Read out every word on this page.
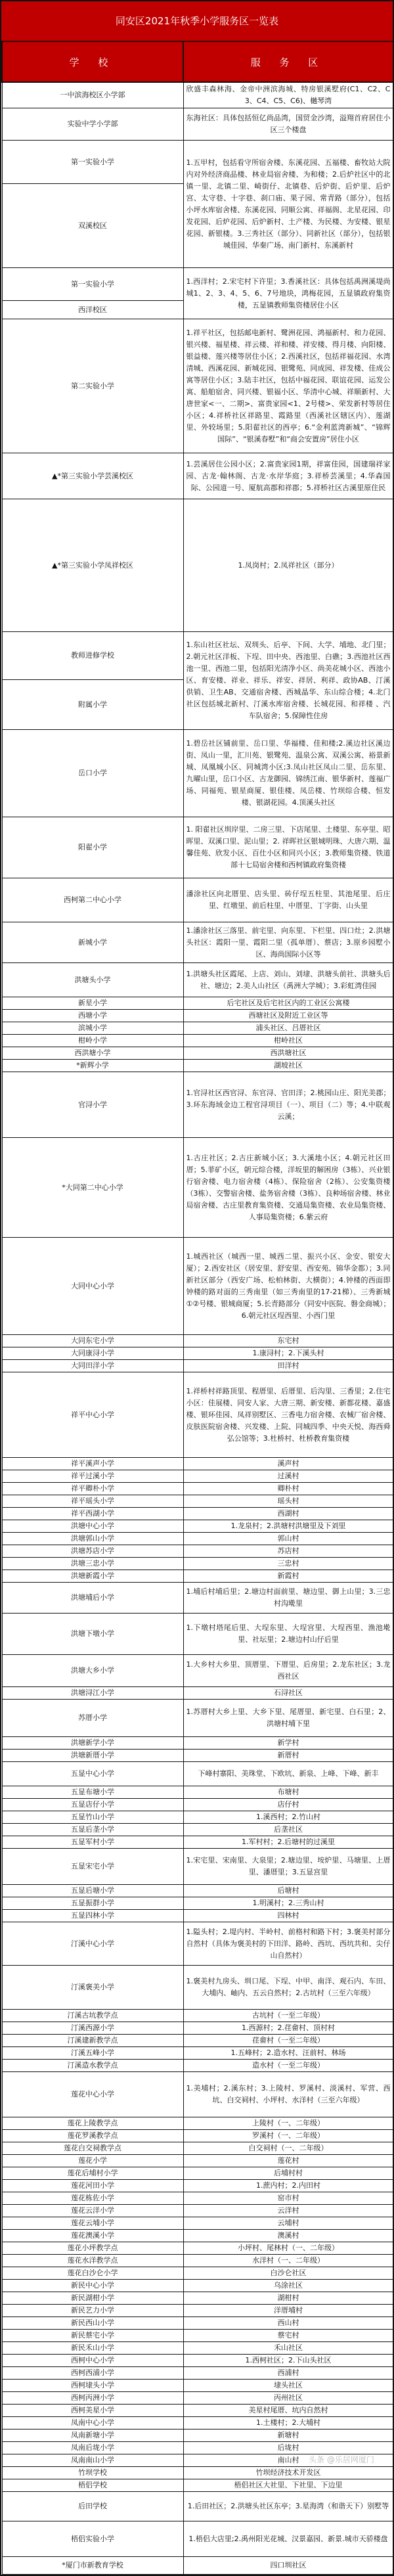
同安区2021年秋季小学服务区一览表
学 校	服 务 区
一中滨海校区小学部	欣盛丰森林海、金帝中洲滨海城、特房银溪墅府(C1、C2、C3、C4、C5、C6)、樾琴湾
实验中学小学部	东海社区：具体包括恒亿尚品湾，国贸金沙湾，溢翔首府居住小区三个楼盘
第一实验小学	1.五甲村，包括看守所宿舍楼、东溪花园、五福楼、畜牧站大院内对外经济商品楼、林业局宿舍楼、为和楼；2.后炉社区中的北镇一里、北镇二里、崎街仔、北镇巷、后炉街、后炉里、后炉宫、太守巷、十字巷、刹口庙、果子园、常青路（部分），包括小坪水库宿舍楼、东溪花园、同顺公寓、祥福阁、北星花园、印发花园、后炉花园、后炉新村、土产楼、为民楼、为安楼、银星花园、新银楼。3.三秀社区（部分）、同新社区（部分），包括银城佳园、华秦广场、南门新村、东溪新村
双溪校区	
第一实验小学	1.西洋村；2.宋宅村下许里；3.香溪社区：具体包括禹洲溪堤尚城1、2、3、4、5、6、7号地块，鸿梅花园，五显镇政府集资楼，五显镇教师集资楼居住小区
西洋校区	
第二实验小学	1.祥平社区，包括邮电新村、鹭洲花园、鸿福新村、和力花园、银兴楼、福星楼、祥云楼、祥和楼、祥安楼、得月楼、向阳楼、银益楼、莲兴楼等居住小区；2.西溪社区，包括祥福花园、水湾清城、西溪花园、新城花园、银鹭苑、同成园、祥发楼、佳成公寓等居住小区；3.陆丰社区，包括中福花园、联谊花园、运发公寓、船舶宿舍、同兴楼、银福小区、华清中心城、祥顺新村、大唐世家<一、二期>、富贵家园<1、2号楼>、荣发新村等居住小区；4.祥桥社区祥路里、霞路里（西溪社区辖区内）、莲湖里、外较场里；5.阳翟社区的西亭；6.“金利蓝湾新城”、“锦辉国际”、“银溪春墅”和“商会安置房”居住小区
▲*第三实验小学芸溪校区	1.芸溪居住公园小区；2.富贵家园1期，祥富佳园，国建瑞祥家园、古龙·翰林阁、古龙·水岸华庭；3.祥桥芸溪里；4.华森国际、公园道一号、厦航高郡和祥郡；5.祥桥社区古溪里原住民
▲*第三实验小学凤祥校区	1.凤岗村；2.凤祥社区（部分）
教师进修学校	1.东山社区社坛、双圳头、后亭、下间、大学、埔地、北门里；2.朝元社区洋板、下埕、田中央、西池里、白礁；3.西池社区西池一里、西池二里，包括阳光清净小区、尚美花城小区、西池小区、育安楼、祥业、祥乐、祥安、祥居、利祥、政协AB、汀溪供销、卫生AB、交通宿舍楼、西城晶华、东山综合楼；4.北门社区包括城北新村、汀溪水库宿舍楼、长城花园、和祥楼 、汽车队宿舍；5.保障性住房
附属小学	
岳口小学	1.碧岳社区铺前里、岳口里、华福楼、佳和楼;2.溪边社区溪边街、凤山一里，汇川苑、银鹭苑、温泉公寓、双溪公寓、裕景新城、凤凰城小区、同城湾小区;3.凤山社区凤山二里、岳东里、九曜山里，岳口小区、古龙御园、锦绣江南、银华新村、莲福广场、同福苑、银星商厦、银佳楼、凤岳楼、竹坝综合楼、恒发楼、银湖花园。4.顶溪头社区
阳翟小学	1. 阳翟社区圳岸里、二房三里、下店尾里、土楼里、东亭里、昭晖里、双溪口里、泥山里；2. 祥晖社区银城明珠、大唐六期、温馨佳苑、欣发小区、百仕小区和同兴小区；3.教师集资楼、铁道部十七局宿舍楼和西柯镇政府集资楼
西柯第二中心小学	潘涂社区向北厝里、店头里、砖仔埕五柱里、其池尾里、后庄里、红墩里、前后柱里、中厝里、丁字街、山头里
新城小学	1.潘涂社区三落里、前宅里、向东里、下栏里、四口灶；2.洪塘头社区：霞阳一里、霞阳二里（孤单厝）、蔡店；3.原乡园墅小区、海尚国际小区等
洪塘头小学	1.洪塘头社区霞尾、上店、刘山、刘埭、洪塘头前社、洪塘头后社、塘边；2.美人山社区（禹洲大学城）；3.彩虹湾佳园
新星小学	后宅社区及后宅社区内的工业区公寓楼
西塘小学	西塘社区及附近工业区等
滨城小学	浦头社区、吕厝社区
柑岭小学	柑岭社区
西洪塘小学	西洪塘社区
*新辉小学	湖坡社区
官浔小学	1.官浔社区西官浔、东官浔、官田洋；2.桃园山庄、阳光美郡；3.环东海域金边工程官浔项目（一）、项目（二）等；4.中联观云溪；
*大同第二中心小学	1.古庄社区；2.古庄新城小区；3.大溪地小区；4.朝元社区田厝；5.菲矿小区，朝元综合楼，洋坂里的解困房（3栋）、兴业银行宿舍楼、电力宿舍楼（4栋）、保险宿舍（2栋）、公安集资楼（3栋）、交警宿舍楼、盐务宿舍楼（3栋）、良种场宿舍楼、林业局宿舍楼、古庄里教育集资楼、交通局集资楼、农业局集资楼、人事局集资楼；6.紫云府
大同中心小学	1.城西社区（城西一里、城西二里、振兴小区、金安、银安大厦）；2.西安社区（居安里、舒安里、西安苑、锦华金都）；3.同新社区部分（西安广场、松柏林街、大横街）；4.钟楼的西面即钟楼的路对面的三秀南里（如三秀南里的17-21梯）、三秀新城①②号楼、银城商厦；5.长青路部分（同安中医院、磐金商城）；6.朝元社区埕西里、小西门里
大同东宅小学	东宅村
大同康浔小学	1.康浔村；2.下溪头村
大同田洋小学	田洋村
祥平中心小学	1.祥桥村祥路顶里、程厝里、后厝里、后沟里、三香里；2.住宅小区：佳展楼、同安人家、大唐三期、新安楼、新都花楼、嘉盛楼、银环佳园、凤祥别墅区、三香电力宿舍楼、农械厂宿舍楼、皮肤医院宿舍楼、兴发楼、上院、同城四季、中央天悦、海西舜弘公馆等；3.杜桥村、杜桥教育集资楼
祥平溪声小学	溪声村
祥平过溪小学	过溪村
祥平卿朴小学	卿朴村
祥平瑶头小学	瑶头村
祥平西湖小学	西湖村
洪塘中心小学	1.龙泉村；2.洪塘村洪塘里及下刘里
洪塘郭山小学	郭山村
洪塘苏店小学	苏店村
洪塘三忠小学	三忠村
洪塘新霞小学	新霞村
洪塘埔后小学	1.埔后村埔后里；2.塘边村面前里、塘边里、御上山里；3.三忠村沟墘里
洪塘下墩小学	1.下墩村塔尾后里、大埕东里、大埕宫里、大埕西里、渔池墘里、社坛里；2.塘边村山仔后里
洪塘大乡小学	1.大乡村大乡里、顶厝里、下厝里、后房里；2.龙东社区；3.龙西社区
洪塘浔江小学	石浔社区
苏厝小学	1.苏厝村大乡上里、大乡下里、尾厝里、新宅里、白石里；2、洪塘村埔下里
洪塘新学小学	新学村
洪塘新厝小学	新厝村
五显中心小学	下峰村寨阳、美珠堂、下欧坑、新泉、上峰、下峰、新丰
五显布塘小学	布塘村
五显店仔小学	店仔村
五显竹山小学	1.溪西村；2.竹山村
五显后垄小学	后垄社区
五显军村小学	1.军村村；2.后塘村的过溪里
五显宋宅小学	1.宋宅里、宋南里、大泉里；2.塘边里、垵炉里、马塘里、上厝里、潘厝里；3.五显宫里
五显后塘小学	后塘村
五显振群小学	1.明溪村；2.三秀山村
五显四林小学	四林村
汀溪中心小学	1.隘头村；2.堤内村、半岭村、前格村和路下村；3.褒美村部分自然村（具体为褒美村的下田洋、路岭、西坑、西坑共和、尖仔山自然村）
汀溪褒美小学	1.褒美村九房头、圳口尾、下埕、中甲、南洋、观石内、车田、大埔内、岫内、五云自然村；2.古坑村（三至六年级）
汀溪古坑教学点	古坑村（一至二年级）
汀溪西源小学	1.西源村；2.荏畲村、顶村村
汀溪建新教学点	荏畲村（一至二年级）
汀溪五峰小学	1.五峰村；2.造水村、汪前村、林场
汀溪造水教学点	造水村（一至二年级）
莲花中心小学	1.美埔村；2.溪东村；3.上陵村、罗溪村、淡溪村、军营、西坑、白交祠村、小坪村、水洋村（三至六年级）
莲花上陵教学点	上陵村（一、二年级）
莲花罗溪教学点	罗溪村（一、二年级）
莲花白交祠教学点	白交祠村（一、二年级）
莲花小学	莲花村
莲花后埔村小学	后埔村村
莲花河田小学	1.蔗内村；2.内田村
莲花栋佐小学	窑市村
莲花云洋小学	云洋村
莲花云埔小学	云埔村
莲花澳溪小学	澳溪村
莲花小坪教学点	小坪村、尾林村（一、二年级）
莲花水洋教学点	水洋村（一、二年级）
莲花白沙仑小学	白沙仑社区
新民中心小学	乌涂社区
新民湖柑小学	湖柑村
新民艺力小学	洋厝埔村
新民西山小学	西山村
新民蔡宅小学	蔡宅村
新民禾山小学	禾山社区
西柯中心小学	1.西柯社区；2.下山头社区
西柯西浦小学	西浦村
西柯埭头小学	埭头社区
西柯丙洲小学	丙州社区
西柯美星小学	美星村尾厝、坑内自然村
凤南中心小学	1.土楼村；2.大埔村
凤南新塘小学	新塘村
凤南后垅小学	后垅村
凤南南山小学	南山村
竹坝学校	竹坝经济技术开发区
梧侣学校	梧侣社区大社里、下社里、下边里
后田学校	1.后田社区；2.洪塘头社区东亭；3.星海湾（和谐天下）别墅等
梧侣实验小学	1.梧侣大店里;2.禹州阳光花城、汉景嘉园、新景.城市天骄楼盘
*厦门市新教育学校	四口圳社区
头条 @乐居网厦门
